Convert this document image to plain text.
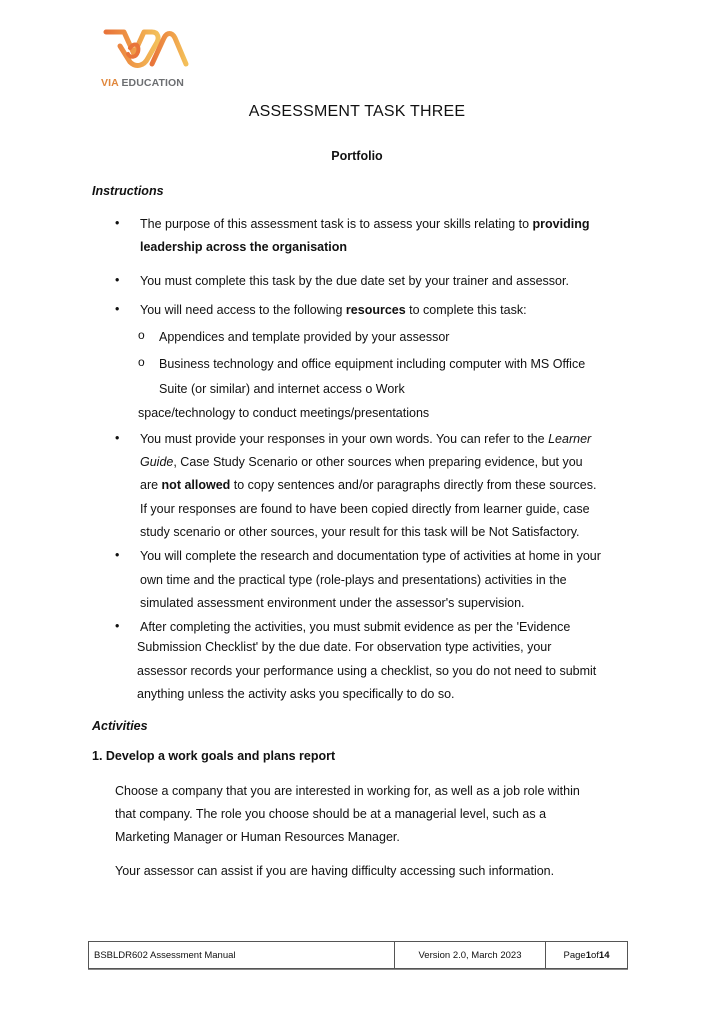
VIA EDUCATION
ASSESSMENT TASK THREE
Portfolio
Instructions
• The purpose of this assessment task is to assess your skills relating to providing
leadership across the organisation
• You must complete this task by the due date set by your trainer and assessor.
• You will need access to the following resources to complete this task:
o Appendices and template provided by your assessor
o Business technology and office equipment including computer with MS Office
Suite (or similar) and internet access o Work
space/technology to conduct meetings/presentations
• You must provide your responses in your own words. You can refer to the Learner
Guide, Case Study Scenario or other sources when preparing evidence, but you
are not allowed to copy sentences and/or paragraphs directly from these sources.
If your responses are found to have been copied directly from learner guide, case
study scenario or other sources, your result for this task will be Not Satisfactory.
• You will complete the research and documentation type of activities at home in your
own time and the practical type (role-plays and presentations) activities in the
simulated assessment environment under the assessor's supervision.
• After completing the activities, you must submit evidence as per the 'Evidence
Submission Checklist' by the due date. For observation type activities, your
assessor records your performance using a checklist, so you do not need to submit
anything unless the activity asks you specifically to do so.
Activities
1. Develop a work goals and plans report
Choose a company that you are interested in working for, as well as a job role within
that company. The role you choose should be at a managerial level, such as a
Marketing Manager or Human Resources Manager.
Your assessor can assist if you are having difficulty accessing such information.
BSBLDR602 Assessment Manual	Version 2.0, March 2023	Page 1 of 14
